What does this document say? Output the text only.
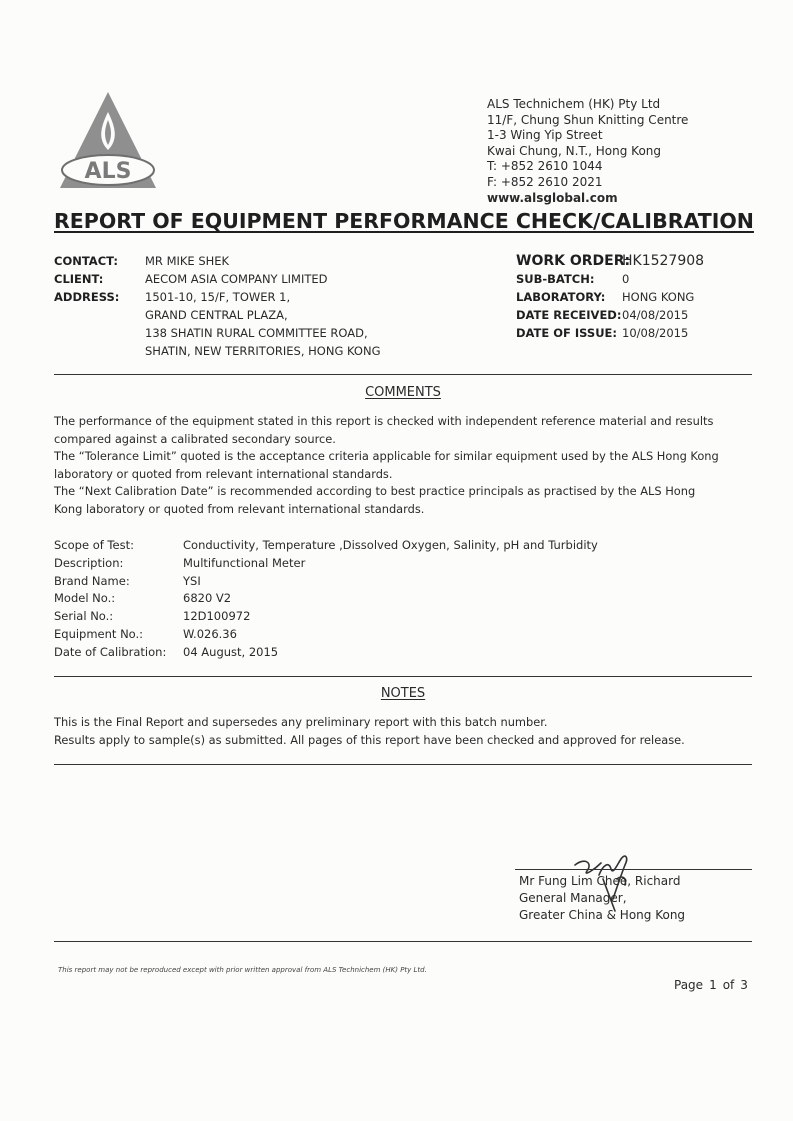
ALS
ALS Technichem (HK) Pty Ltd
11/F, Chung Shun Knitting Centre
1-3 Wing Yip Street
Kwai Chung, N.T., Hong Kong
T: +852 2610 1044
F: +852 2610 2021
www.alsglobal.com
REPORT OF EQUIPMENT PERFORMANCE CHECK/CALIBRATION
CONTACT:
CLIENT:
ADDRESS:
MR MIKE SHEK
AECOM ASIA COMPANY LIMITED
1501-10, 15/F, TOWER 1,
GRAND CENTRAL PLAZA,
138 SHATIN RURAL COMMITTEE ROAD,
SHATIN, NEW TERRITORIES, HONG KONG
WORK ORDER:
SUB-BATCH:
LABORATORY:
DATE RECEIVED:
DATE OF ISSUE:
HK1527908
0
HONG KONG
04/08/2015
10/08/2015
COMMENTS
The performance of the equipment stated in this report is checked with independent reference material and results
compared against a calibrated secondary source.
The “Tolerance Limit” quoted is the acceptance criteria applicable for similar equipment used by the ALS Hong Kong
laboratory or quoted from relevant international standards.
The “Next Calibration Date” is recommended according to best practice principals as practised by the ALS Hong
Kong laboratory or quoted from relevant international standards.
Scope of Test:
Description:
Brand Name:
Model No.:
Serial No.:
Equipment No.:
Date of Calibration:
Conductivity, Temperature ,Dissolved Oxygen, Salinity, pH and Turbidity
Multifunctional Meter
YSI
6820 V2
12D100972
W.026.36
04 August, 2015
NOTES
This is the Final Report and supersedes any preliminary report with this batch number.
Results apply to sample(s) as submitted. All pages of this report have been checked and approved for release.
Mr Fung Lim Chee, Richard
General Manager,
Greater China & Hong Kong
This report may not be reproduced except with prior written approval from ALS Technichem (HK) Pty Ltd.
Page 1 of 3
